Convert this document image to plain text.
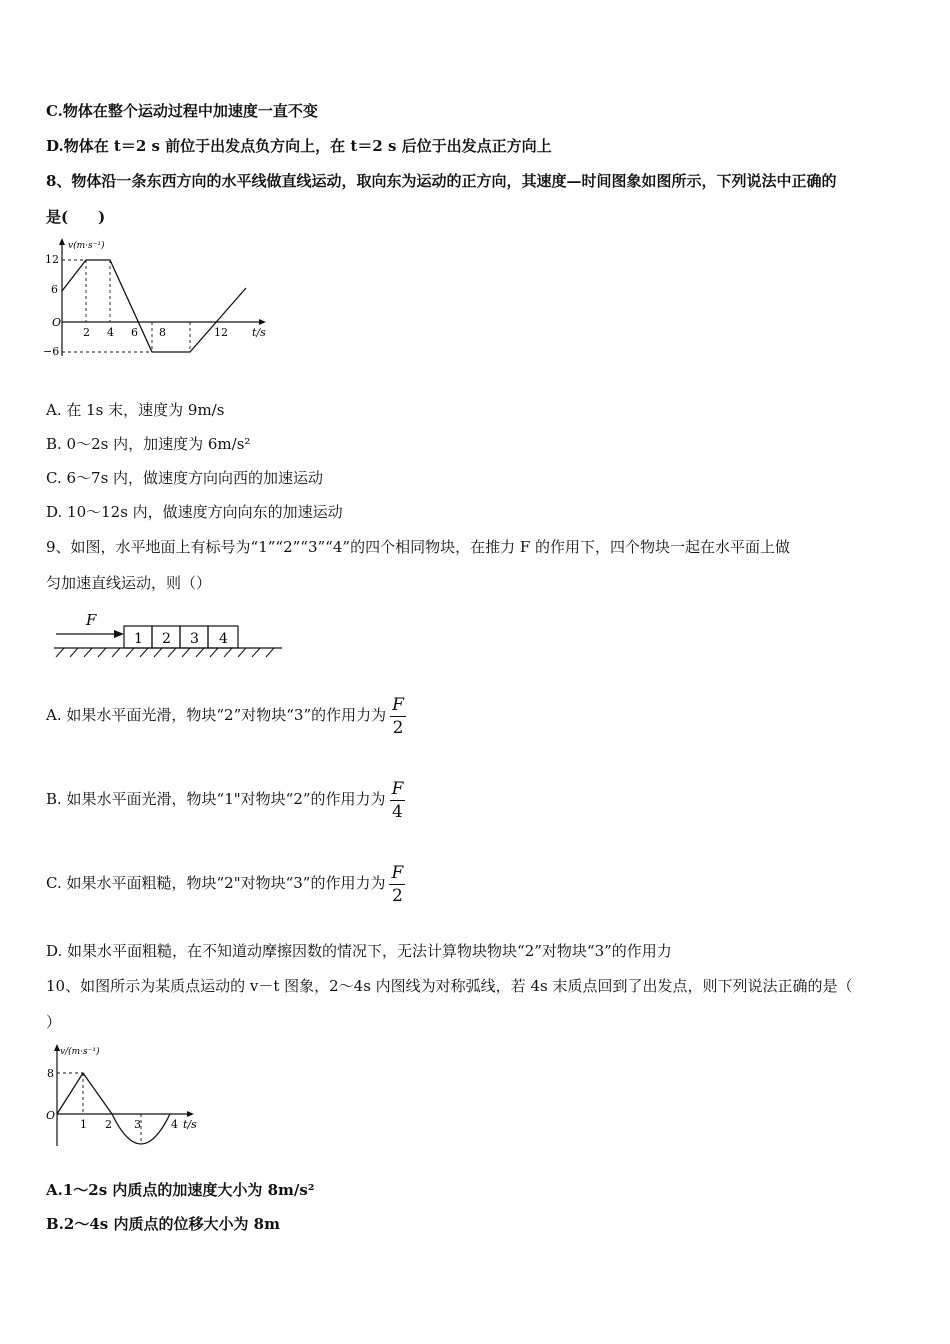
C.物体在整个运动过程中加速度一直不变
D.物体在 t＝2 s 前位于出发点负方向上，在 t＝2 s 后位于出发点正方向上
8、物体沿一条东西方向的水平线做直线运动，取向东为运动的正方向，其速度—时间图象如图所示，下列说法中正确的
是(　　)
v(m·s⁻¹)
t/s
O
12
6
−6
2 4 6 8	12
A. 在 1s 末，速度为 9m/s
B. 0～2s 内，加速度为 6m/s²
C. 6～7s 内，做速度方向向西的加速运动
D. 10～12s 内，做速度方向向东的加速运动
9、如图，水平地面上有标号为“1”“2”“3”“4”的四个相同物块，在推力 F 的作用下，四个物块一起在水平面上做
匀加速直线运动，则（）
F
1 2 3 4
A. 如果水平面光滑，物块“2”对物块“3”的作用力为 $\frac{F}{2}$
B. 如果水平面光滑，物块“1"对物块“2”的作用力为 $\frac{F}{4}$
C. 如果水平面粗糙，物块“2"对物块“3”的作用力为 $\frac{F}{2}$
D. 如果水平面粗糙，在不知道动摩擦因数的情况下，无法计算物块物块“2”对物块“3”的作用力
10、如图所示为某质点运动的 v－t 图象，2～4s 内图线为对称弧线，若 4s 末质点回到了出发点，则下列说法正确的是（
）
v/(m·s⁻¹)
t/s
O
8
1 2 3	4
A.1～2s 内质点的加速度大小为 8m/s²
B.2～4s 内质点的位移大小为 8m
